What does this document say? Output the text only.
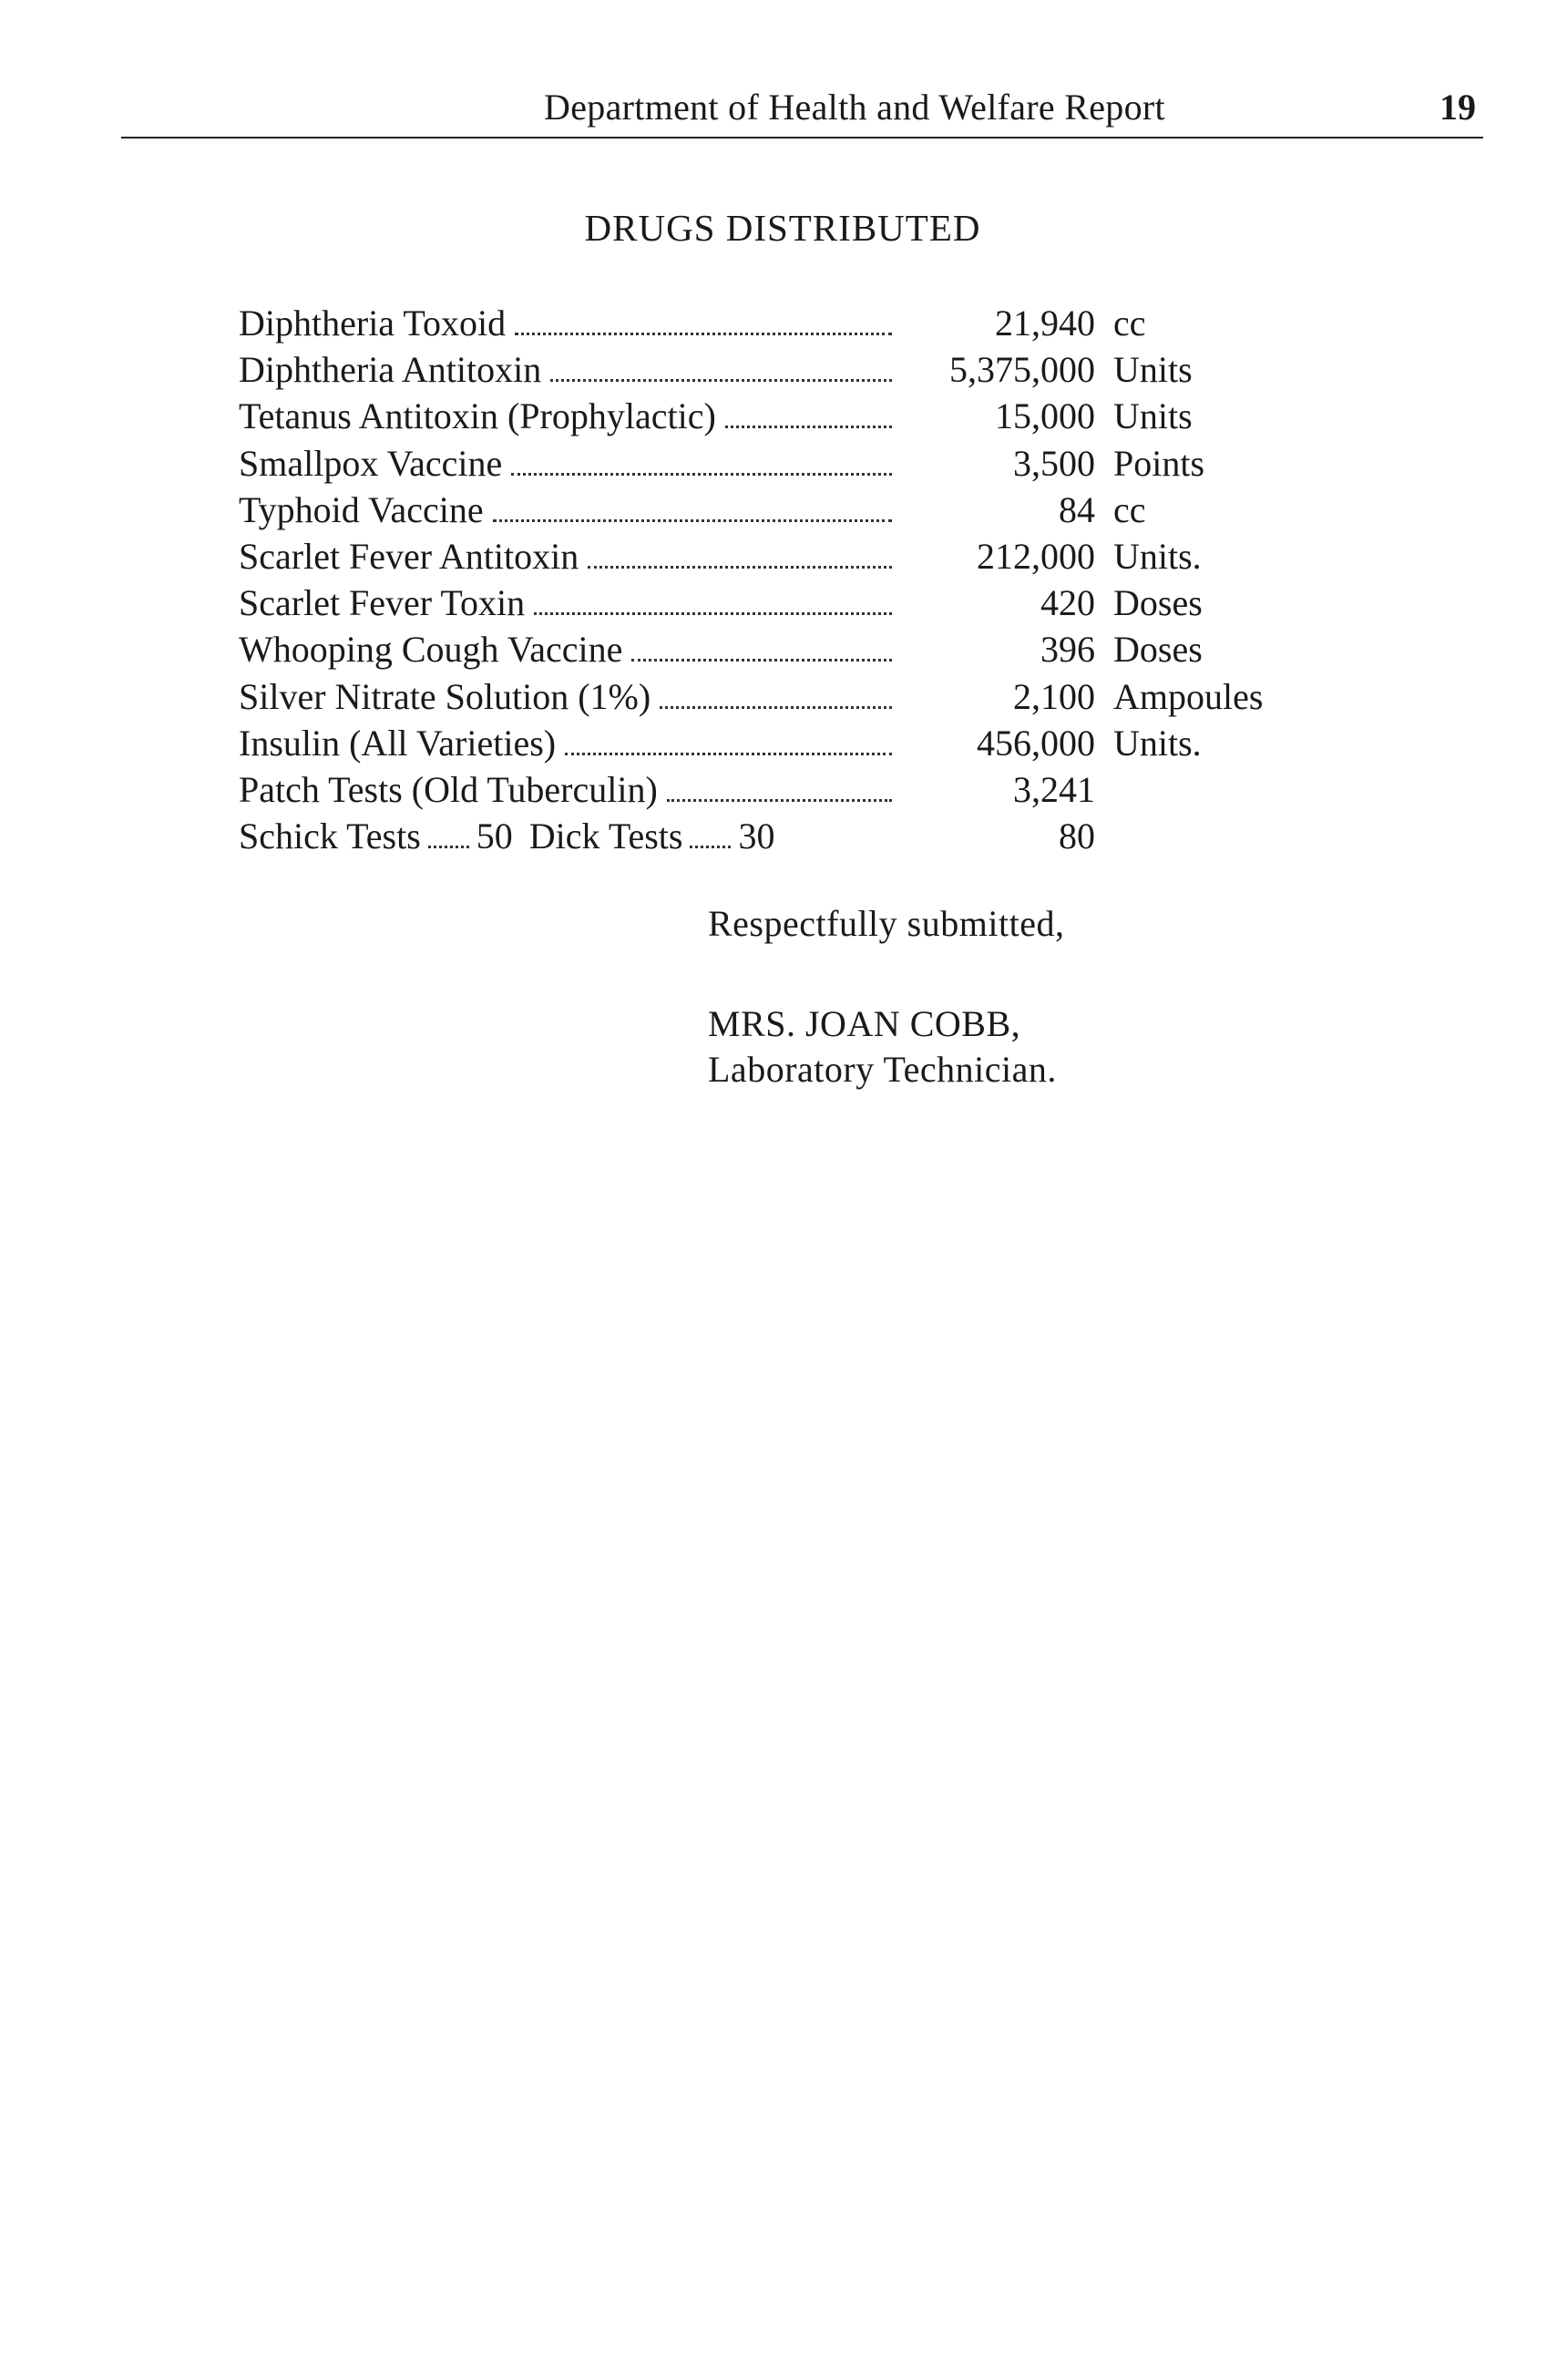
Department of Health and Welfare Report	19
DRUGS DISTRIBUTED
Diphtheria Toxoid	21,940 cc
Diphtheria Antitoxin	5,375,000 Units
Tetanus Antitoxin (Prophylactic)	15,000 Units
Smallpox Vaccine	3,500 Points
Typhoid Vaccine	84 cc
Scarlet Fever Antitoxin	212,000 Units.
Scarlet Fever Toxin	420 Doses
Whooping Cough Vaccine	396 Doses
Silver Nitrate Solution (1%)	2,100 Ampoules
Insulin (All Varieties)	456,000 Units.
Patch Tests (Old Tuberculin)	3,241
Schick Tests 50 Dick Tests 30	80
Respectfully submitted,
MRS. JOAN COBB,
Laboratory Technician.
